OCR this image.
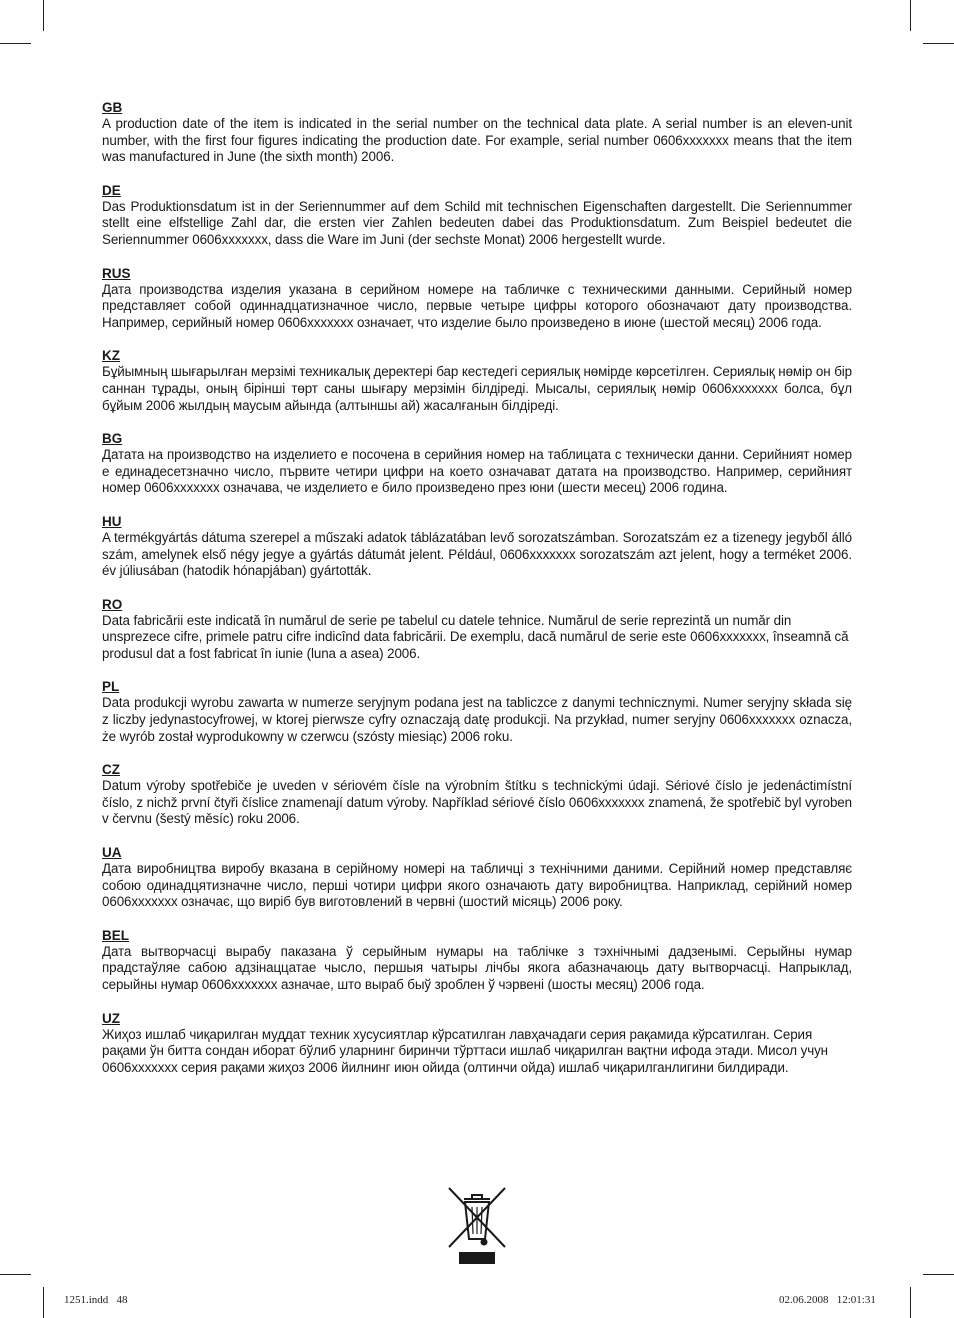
GB

A production date of the item is indicated in the serial number on the technical data plate. A serial number is an eleven-unit number, with the first four figures indicating the production date. For example, serial number 0606xxxxxxx means that the item was manufactured in June (the sixth month) 2006.

DE

Das Produktionsdatum ist in der Seriennummer auf dem Schild mit technischen Eigenschaften dargestellt. Die Seriennummer stellt eine elfstellige Zahl dar, die ersten vier Zahlen bedeuten dabei das Produktionsdatum. Zum Beispiel bedeutet die Seriennummer 0606xxxxxxx, dass die Ware im Juni (der sechste Monat) 2006 hergestellt wurde.

RUS

Дата производства изделия указана в серийном номере на табличке с техническими данными. Серийный номер представляет собой одиннадцатизначное число, первые четыре цифры которого обозначают дату производства. Например, серийный номер 0606xxxxxxx означает, что изделие было произведено в июне (шестой месяц) 2006 года.

KZ

Бұйымның шығарылған мерзімі техникалық деректері бар кестедегі сериялық нөмірде көрсетілген. Сериялық нөмір он бір саннан тұрады, оның бірінші төрт саны шығару мерзімін білдіреді. Мысалы, сериялық нөмір 0606xxxxxxx болса, бұл бұйым 2006 жылдың маусым айында (алтыншы ай) жасалғанын білдіреді.

BG

Датата на производство на изделието е посочена в серийния номер на таблицата с технически данни. Серийният номер е единадесетзначно число, първите четири цифри на което означават датата на производство. Например, серийният номер 0606xxxxxxx означава, че изделието е било произведено през юни (шести месец) 2006 година.

HU

A termékgyártás dátuma szerepel a műszaki adatok táblázatában levő sorozatszámban. Sorozatszám ez a tizenegy jegyből álló szám, amelynek első négy jegye a gyártás dátumát jelent. Például, 0606xxxxxxx sorozatszám azt jelent, hogy a terméket 2006. év júliusában (hatodik hónapjában) gyártották.

RO

Data fabricării este indicată în numărul de serie pe tabelul cu datele tehnice. Numărul de serie reprezintă un număr din unsprezece cifre, primele patru cifre indicînd data fabricării. De exemplu, dacă numărul de serie este 0606xxxxxxx, înseamnă că produsul dat a fost fabricat în iunie (luna a asea) 2006.

PL

Data produkcji wyrobu zawarta w numerze seryjnym podana jest na tabliczce z danymi technicznymi. Numer seryjny składa się z liczby jedynastocyfrowej, w ktorej pierwsze cyfry oznaczają datę produkcji. Na przykład, numer seryjny 0606xxxxxxx oznacza, że wyrób został wyprodukowny w czerwcu (szósty miesiąc) 2006 roku.

CZ

Datum výroby spotřebiče je uveden v sériovém čísle na výrobním štítku s technickými údaji. Sériové číslo je jedenáctimístní číslo, z nichž první čtyři číslice znamenají datum výroby. Například sériové číslo 0606xxxxxxx znamená, že spotřebič byl vyroben v červnu (šestý měsíc) roku 2006.

UA

Дата виробництва виробу вказана в серійному номері на табличці з технічними даними. Серійний номер представляє собою одинадцятизначне число, перші чотири цифри якого означають дату виробництва. Наприклад, серійний номер 0606xxxxxxx означає, що виріб був виготовлений в червні (шостий місяць) 2006 року.

BEL

Дата вытворчасці вырабу паказана ў серыйным нумары на таблічке з тэхнічнымі дадзенымі. Серыйны нумар прадстаўляе сабою адзінаццатае чысло, першыя чатыры лічбы якога абазначаюць дату вытворчасці. Напрыклад, серыйны нумар 0606xxxxxxx азначае, што выраб быў зроблен ў чэрвені (шосты месяц) 2006 года.

UZ

Жиҳоз ишлаб чиқарилган муддат техник хусусиятлар кўрсатилган лавҳачадаги серия рақамида кўрсатилган. Серия рақами ўн битта сондан иборат бўлиб уларнинг биринчи тўрттаси ишлаб чиқарилган вақтни ифода этади. Мисол учун 0606xxxxxxx серия рақами жиҳоз 2006 йилнинг июн ойида (олтинчи ойда) ишлаб чиқарилганлигини билдиради.

1251.indd   48	02.06.2008   12:01:31
